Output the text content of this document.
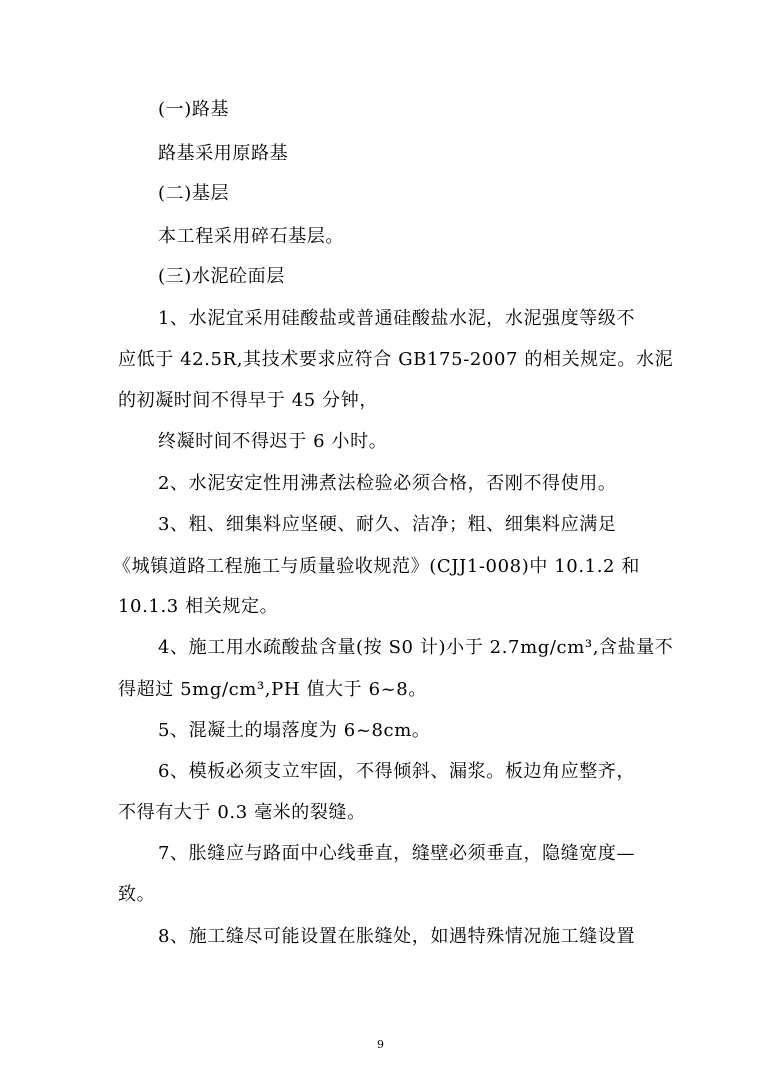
(一)路基
路基采用原路基
(二)基层
本工程采用碎石基层。
(三)水泥砼面层
1、水泥宜采用硅酸盐或普通硅酸盐水泥，水泥强度等级不
应低于 42.5R,其技术要求应符合 GB175-2007 的相关规定。水泥
的初凝时间不得早于 45 分钟，
终凝时间不得迟于 6 小时。
2、水泥安定性用沸煮法检验必须合格，否刚不得使用。
3、粗、细集料应坚硬、耐久、洁净；粗、细集料应满足
《城镇道路工程施工与质量验收规范》(CJJ1-008)中 10.1.2 和
10.1.3 相关规定。
4、施工用水疏酸盐含量(按 S0 计)小于 2.7mg/cm³,含盐量不
得超过 5mg/cm³,PH 值大于 6~8。
5、混凝土的塌落度为 6~8cm。
6、模板必须支立牢固，不得倾斜、漏浆。板边角应整齐，
不得有大于 0.3 毫米的裂缝。
7、胀缝应与路面中心线垂直，缝壁必须垂直，隐缝宽度—
致。
8、施工缝尽可能设置在胀缝处，如遇特殊情况施工缝设置
9
